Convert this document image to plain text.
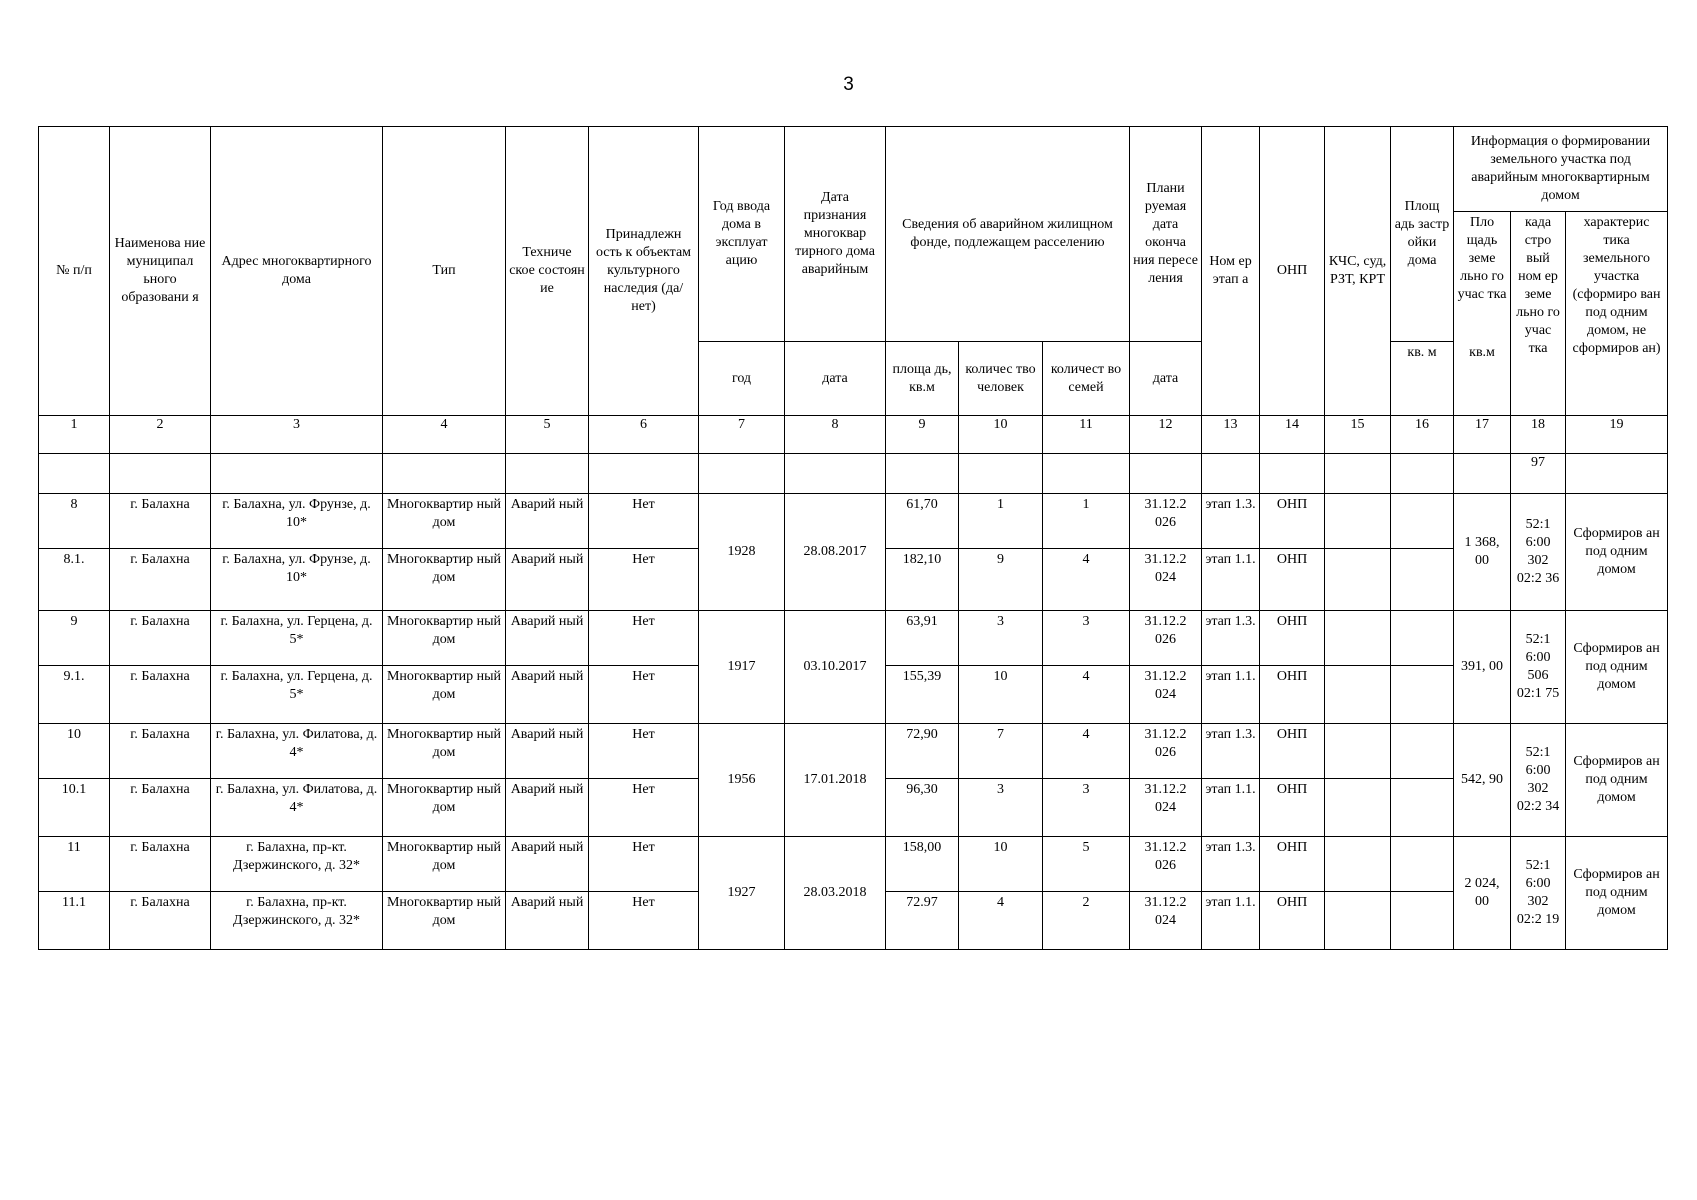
3
№ п/п	Наименова ние муниципал ьного образовани я	Адрес многоквартирного дома	Тип	Техниче ское состоян ие	Принадлежн ость к объектам культурного наследия (да/нет)	Год ввода дома в эксплуат ацию	Дата признания многоквар тирного дома аварийным	Сведения об аварийном жилищном фонде, подлежащем расселению			Плани руемая дата оконча ния пересе ления	Ном ер этап а	ОНП	КЧС, суд, РЗТ, КРТ	Площ адь застр ойки дома	Информация о формировании земельного участка под аварийным многоквартирным домом		
																Пло щадь земе льно го учас тка	када стро вый ном ер земе льно го учас тка	характерис тика земельного участка (сформиро ван под одним домом, не сформиров ан)
						год	дата	площа дь, кв.м	количес тво человек	количест во семей	дата				кв. м	кв.м		
1	2	3	4	5	6	7	8	9	10	11	12	13	14	15	16	17	18	19
																	97	
8	г. Балахна	г. Балахна, ул. Фрунзе, д. 10*	Многоквартир ный дом	Аварий ный	Нет	1928	28.08.2017	61,70	1	1	31.12.2 026	этап 1.3.	ОНП			1 368, 00	52:1 6:00 302 02:2 36	Сформиров ан под одним домом
8.1.	г. Балахна	г. Балахна, ул. Фрунзе, д. 10*	Многоквартир ный дом	Аварий ный	Нет			182,10	9	4	31.12.2 024	этап 1.1.	ОНП					
9	г. Балахна	г. Балахна, ул. Герцена, д. 5*	Многоквартир ный дом	Аварий ный	Нет	1917	03.10.2017	63,91	3	3	31.12.2 026	этап 1.3.	ОНП			391, 00	52:1 6:00 506 02:1 75	Сформиров ан под одним домом
9.1.	г. Балахна	г. Балахна, ул. Герцена, д. 5*	Многоквартир ный дом	Аварий ный	Нет			155,39	10	4	31.12.2 024	этап 1.1.	ОНП					
10	г. Балахна	г. Балахна, ул. Филатова, д. 4*	Многоквартир ный дом	Аварий ный	Нет	1956	17.01.2018	72,90	7	4	31.12.2 026	этап 1.3.	ОНП			542, 90	52:1 6:00 302 02:2 34	Сформиров ан под одним домом
10.1	г. Балахна	г. Балахна, ул. Филатова, д. 4*	Многоквартир ный дом	Аварий ный	Нет			96,30	3	3	31.12.2 024	этап 1.1.	ОНП					
11	г. Балахна	г. Балахна, пр-кт. Дзержинского, д. 32*	Многоквартир ный дом	Аварий ный	Нет	1927	28.03.2018	158,00	10	5	31.12.2 026	этап 1.3.	ОНП			2 024, 00	52:1 6:00 302 02:2 19	Сформиров ан под одним домом
11.1	г. Балахна	г. Балахна, пр-кт. Дзержинского, д. 32*	Многоквартир ный дом	Аварий ный	Нет			72.97	4	2	31.12.2 024	этап 1.1.	ОНП					
